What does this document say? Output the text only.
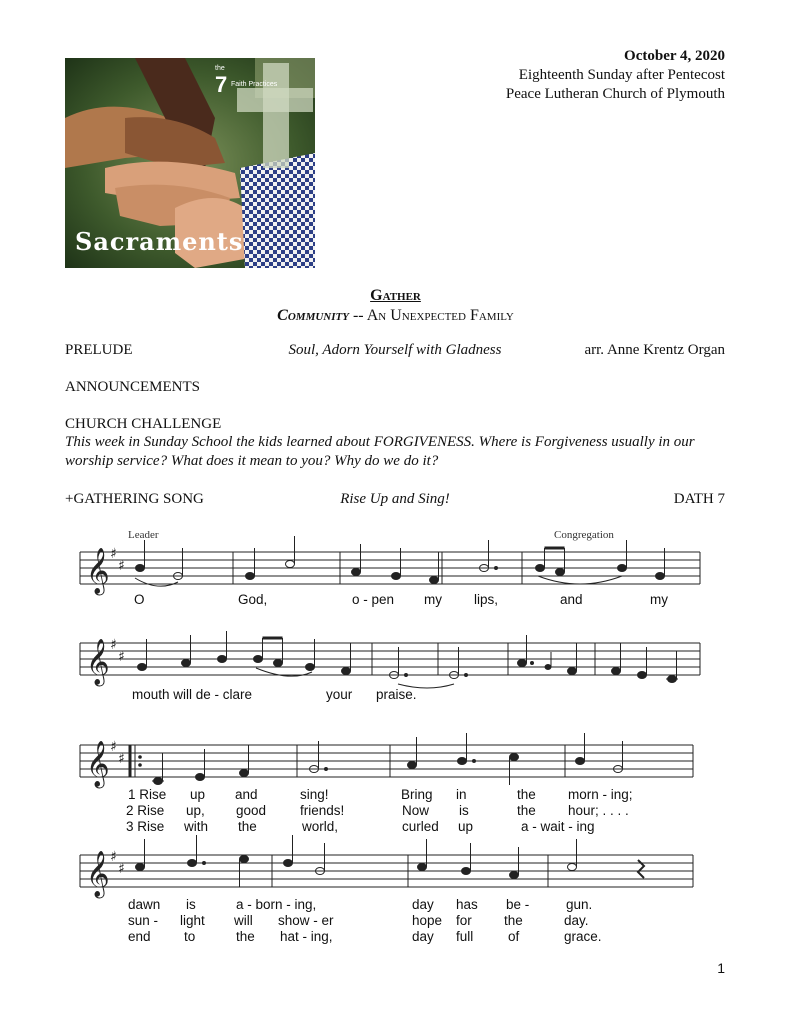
October 4, 2020
Eighteenth Sunday after Pentecost
Peace Lutheran Church of Plymouth
the
7 Faith Practices
Sacraments
Gather
Community -- An Unexpected Family
PRELUDE	Soul, Adorn Yourself with Gladness	arr. Anne Krentz Organ
ANNOUNCEMENTS
CHURCH CHALLENGE
This week in Sunday School the kids learned about FORGIVENESS. Where is Forgiveness usually in our worship service? What does it mean to you? Why do we do it?
+GATHERING SONG	Rise Up and Sing!	DATH 7
𝄞
𝄞
𝄞
𝄞
♯
♯
♯
♯
♯
♯
♯
♯
Leader	Congregation
O	God,	o - pen my lips,	and	my
mouth will de - clare	your praise.
1 Rise up and	sing!	Bring in	the morn - ing;
2 Rise up, good	friends!	Now is	the hour; . . . .
3 Rise with the	world,	curled up	a - wait - ing
dawn is	a - born - ing,	day has be -	gun.
sun - light will show - er	hope for the	day.
end to	the hat - ing,	day full	of	grace.
1
